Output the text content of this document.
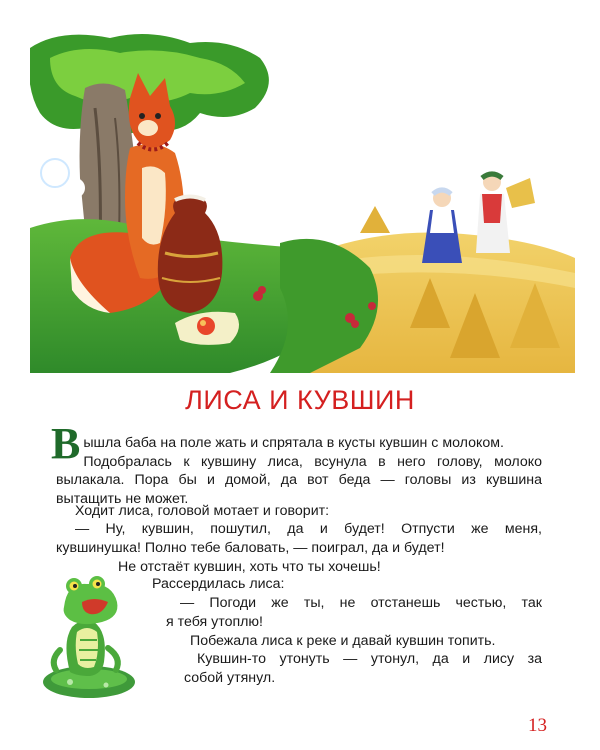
ЛИСА И КУВШИН
В ышла баба на поле жать и спрятала в кусты кувшин с молоком.
Подобралась к кувшину лиса, всунула в него голову, молоко
вылакала. Пора бы и домой, да вот беда — головы из кувшина
вытащить не может.
Ходит лиса, головой мотает и говорит:
— Ну, кувшин, пошутил, да и будет! Отпусти же меня,
кувшинушка! Полно тебе баловать, — поиграл, да и будет!
Не отстаёт кувшин, хоть что ты хочешь!
Рассердилась лиса:
— Погоди же ты, не отстанешь честью, так
я тебя утоплю!
Побежала лиса к реке и давай кувшин топить.
Кувшин-то утонуть — утонул, да и лису за
собой утянул.
13
